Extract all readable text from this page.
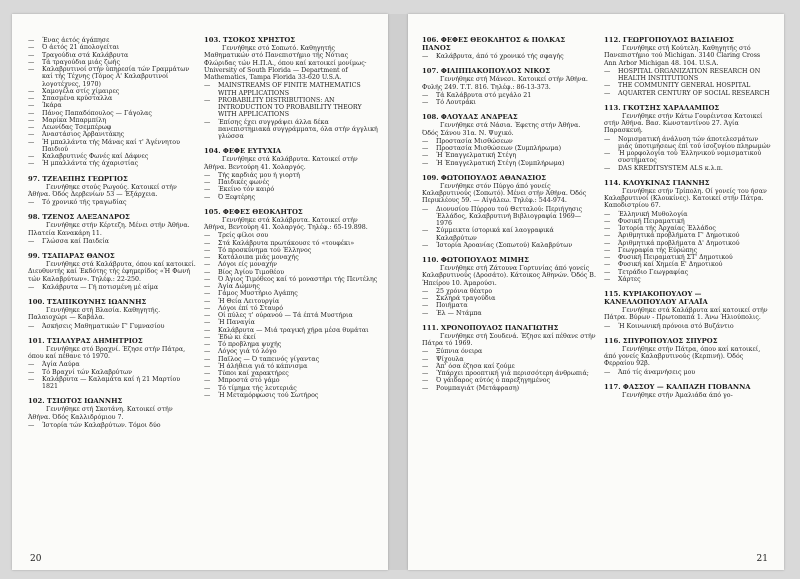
— Ένας άετός άγάπησε
— Ό άετός 21 άπολογείται
— Τραγούδια στά Καλάβρυτα
— Τά τραγούδια μιάς ζωής
— Καλαβρυτινοί στήν ύπηρεσία τών Γραμμάτων καί τής Τέχνης (Τόμος Α' Καλαβρυτινοί λογοτέχνες, 1970)
— Χαμογέλα στίς χίμαιρες
— Σπασμένα κρύσταλλα
— Ίκάρα
— Πάνος Παπαδόπουλος — Γάγολας
— Μαρίκα Μπαρμπίλη
— Λεωνίδας Τσεμπέρωφ
— Άναστάσιος Άρβανιτάκης
— Ή μπαλλάντα τής Μάνας καί τ' Άγέννητου Παιδιού
— Καλαβρυτινές Φωνές καί Δάφνες
— Ή μπαλλάντα τής άχαριστίας
97. ΤΖΕΛΕΠΗΣ ΓΕΩΡΓΙΟΣ
Γεννήθηκε στούς Ρωγούς. Κατοικεί στήν Άθήνα. Όδός Δερβενίων 53 — Έξάρχεια.
— Τό χρονικό τής τραγωδίας
98. ΤΖΕΝΟΣ ΑΛΕΞΑΝΔΡΟΣ
Γεννήθηκε στήν Κέρτεζη. Μένει στήν Άθήνα. Πλατεία Κανακάρη 11.
— Γλώσσα καί Παιδεία
99. ΤΣΑΠΑΡΑΣ ΘΑΝΟΣ
Γεννήθηκε στά Καλάβρυτα, όπου καί κατοικεί. Διευθυντής καί Έκδότης τής έφημερίδος «Ή Φωνή τών Καλαβρύτων». Τηλέφ.: 22-250.
— Καλάβρυτα — Γή ποτισμένη μέ αίμα
100. ΤΣΑΠΙΚΟΥΝΗΣ ΙΩΑΝΝΗΣ
Γεννήθηκε στή Βλασία. Καθηγητής. Παλαιοχώρι — Καβάλα.
— Άσκήσεις Μαθηματικών Γ' Γυμνασίου
101. ΤΣΙΛΛΥΡΑΣ ΔΗΜΗΤΡΙΟΣ
Γεννήθηκε στό Βραχνί. Έζησε στήν Πάτρα, όπου καί πέθανε τό 1970.
— Άγία Λαύρα
— Τό Βραχνί τών Καλαβρύτων
— Καλάβρυτα — Καλαμάτα καί ή 21 Μαρτίου 1821
102. ΤΣΙΩΤΟΣ ΙΩΑΝΝΗΣ
Γεννήθηκε στή Σκοτάνη. Κατοικεί στήν Άθήνα. Όδός Καλλιδρόμιου 7.
— Ίστορία τών Καλαβρύτων. Τόμοι δύο
103. ΤΣΟΚΟΣ ΧΡΗΣΤΟΣ
Γεννήθηκε στό Σοπωτό. Καθηγητής Μαθηματικών στό Πανεπιστήμιο τής Νότιας Φλώριδας τών Η.Π.Α., όπου καί κατοικεί μονίμως· University of South Florida — Department of Mathematics, Tampa Florida 33-620 U.S.A.
— MAINSTREAMS OF FINITE MATHEMATICS WITH APPLICATIONS
— PROBABILITY DISTRIBUTIONS: AN INTRODUCTION TO PROBABILITY THEORY WITH APPLICATIONS
— Έπίσης έχει συγγράψει άλλα δέκα πανεπιστημιακά συγγράμματα, όλα στήν άγγλική γλώσσα
104. ΦΕΦΕ ΕΥΤΥΧΙΑ
Γεννήθηκε στά Καλάβρυτα. Κατοικεί στήν Άθήνα. Βεντούρη 41. Χολαργός.
— Τής καρδιάς μου ή γιορτή
— Παιδικές φωνές
— Έκείνο τόν καιρό
— Ό Ξεφτέρης
105. ΦΕΦΕΣ ΘΕΟΚΛΗΤΟΣ
Γεννήθηκε στά Καλάβρυτα. Κατοικεί στήν Άθήνα, Βεντούρη 41. Χολαργός. Τηλέφ.: 65-19.898.
— Τρείς φίλοι σου
— Στά Καλάβρυτα πρωτάκουσε τό «τουφέκι»
— Τό προσκύνημα τού Έλληνος
— Κατάλοιπα μιάς μοναχής
— Λόγοι είς μοναχήν
— Βίος Άγίου Τιμοθέου
— Ό Άγιος Τιμόθεος καί τό μοναστήρι τής Πεντέλης
— Άγία Δώμνης
— Γάμος Μυστήριο Άγάπης
— Ή Θεία Λειτουργία
— Λόγοι έπί τό Σταυρό
— Οί πύλες τ' ούρανού — Τά έπτά Μυστήρια
— Ή Παναγία
— Καλάβρυτα — Μιά τραγική χήρα μέσα θυμάται
— Έδώ κι έκεί
— Τό προβλημα ψυχής
— Λόγος γιά τό λόγο
— Παϊλος — Ό ταπεινός γίγαντας
— Ή άλήθεια γιά τό κάπνισμα
— Τύποι καί χαρακτήρες
— Μπροστά στό γάμο
— Τό τίμημα τής λευτεριάς
— Ή Μεταμόρφωσις τού Σωτήρος
20
106. ΦΕΦΕΣ ΘΕΟΚΛΗΤΟΣ & ΠΟΛΚΑΣ ΠΑΝΟΣ
— Καλάβρυτα, άπό τό χρονικό τής σφαγής
107. ΦΙΛΙΠΠΑΚΟΠΟΥΛΟΣ ΝΙΚΟΣ
Γεννήθηκε στή Μάνεσι. Κατοικεί στήν Άθήνα. Φυλής 249. Τ.Τ. 816. Τηλέφ.: 86-13-373.
— Τά Καλάβρυτα στό μεγάλο 21
— Τό Λουτράκι
108. ΦΛΟΥΔΑΣ ΑΝΔΡΕΑΣ
Γεννήθηκε στά Νάσια. Έφετης στήν Άθήνα. Όδός Σάνου 31α. Ν. Ψυχικό.
— Προστασία Μισθώσεων
— Προστασία Μισθώσεων (Συμπλήρωμα)
— Ή Έπαγγελματική Στέγη
— Ή Έπαγγελματική Στέγη (Συμπλήρωμα)
109. ΦΩΤΟΠΟΥΛΟΣ ΑΘΑΝΑΣΙΟΣ
Γεννήθηκε στόν Πύργο άπό γονείς Καλαβρυτινούς (Σοπωτό). Μένει στήν Άθήνα. Όδός Περικλέους 59. — Αίγάλεω. Τηλέφ.: 544-974.
— Διονυσίου Πύρρου τού Θετταλού: Περιήγησις Έλλάδος, Καλαβρυτινή Βιβλιογραφία 1969—1976
— Σύμμεικτα ίστορικά καί λαογραφικά Καλαβρύτων
— Ίστορία Άροανίας (Σοπωτού) Καλαβρύτων
110. ΦΩΤΟΠΟΥΛΟΣ ΜΙΜΗΣ
Γεννήθηκε στή Ζάτουνα Γορτυνίας άπό γονείς Καλαβρυτινούς (Δροσάτο). Κάτοικος Άθηνών. Όδός Β. Ήπείρου 10. Άμαρούσι.
— 25 χρόνια θέατρο
— Σκληρά τραγούδια
— Ποιήματα
— Έλ — Ντάμπα
111. ΧΡΟΝΟΠΟΥΛΟΣ ΠΑΝΑΓΙΩΤΗΣ
Γεννήθηκε στή Σουδενά. Έζησε καί πέθανε στήν Πάτρα τό 1969.
— Ξύπνια όνειρα
— Ψίχουλα
— Άπ' όσα έζησα καί ζούμε
— Ύπάρχει προοπτική γιά περισσότερη άνθρωπιά;
— Ό γάιδαρος αύτός ό παρεξηγημένος
— Ρουμπαγιάτ (Μετάφραση)
112. ΓΕΩΡΓΟΠΟΥΛΟΣ ΒΑΣΙΛΕΙΟΣ
Γεννήθηκε στή Κούτελη. Καθηγητής στό Πανεπιστήμιο τού Michigan. 3140 Claring Cross Ann Arbor Michigan 48. 104. U.S.A.
— HOSPITAL ORGANIZATION RESEARCH ON HEALTH INSTITUTIONS
— THE COMMUNITY GENERAL HOSPITAL
— AQUARTER CENTURY OF SOCIAL RESEARCH
113. ΓΚΟΤΣΗΣ ΧΑΡΑΛΑΜΠΟΣ
Γεννήθηκε στήν Κάτω Γουρέιντσα Κατοικεί στήν Άθήνα. Βασ. Κωνσταντίνου 27. Άγία Παρασκευή.
— Νομισματική άνάλυση τών άποτελεσμάτων μιάς ύποτιμήσεως έπί τού ίσοζυγίου πληρωμών
— Ή μορφολογία τού Έλληνικού νομισματικού συστήματος
— DAS KREDITSYSTEM ALS κ.λ.π.
114. ΚΛΟΥΚΙΝΑΣ ΓΙΑΝΝΗΣ
Γεννήθηκε στήν Τρίπολη. Οί γονείς του ήσαν Καλαβρυτινοί (Κλουκίνες). Κατοικεί στήν Πάτρα. Καποδιστρίου 67.
— Έλληνική Μυθολογία
— Φυσική Πειραματική
— Ίστορία τής Άρχαίας Έλλάδος
— Άριθμητικά προβλήματα Γ' Δημοτικού
— Άριθμητικά προβλήματα Δ' Δημοτικού
— Γεωγραφία τής Εύρώπης
— Φυσική Πειραματική ΣΤ' Δημοτικού
— Φυσική καί Χημεία Ε' Δημοτικού
— Τετράδιο Γεωγραφίας
— Χάρτες
115. ΚΥΡΙΑΚΟΠΟΥΛΟΥ — ΚΑΝΕΛΛΟΠΟΥΛΟΥ ΑΓΛΑΪΑ
Γεννήθηκε στά Καλάβρυτα καί κατοικεί στήν Πάτρα. Βύρων - Πρωτοπαπά 1. Άνω Ήλιούπολις.
— Ή Κοινωνική πρόνοια στό Βυζάντιο
116. ΣΠΥΡΟΠΟΥΛΟΣ ΣΠΥΡΟΣ
Γεννήθηκε στήν Πάτρα, όπου καί κατοικεί, άπό γονείς Καλαβρυτινούς (Κερπινή). Όδός Φερραίου 92β.
— Άπό τίς άναμνήσεις μου
117. ΦΑΣΣΟΥ — ΚΑΛΠΑΖΗ ΓΙΟΒΑΝΝΑ
Γεννήθηκε στήν Άμαλιάδα άπό γο-
21
